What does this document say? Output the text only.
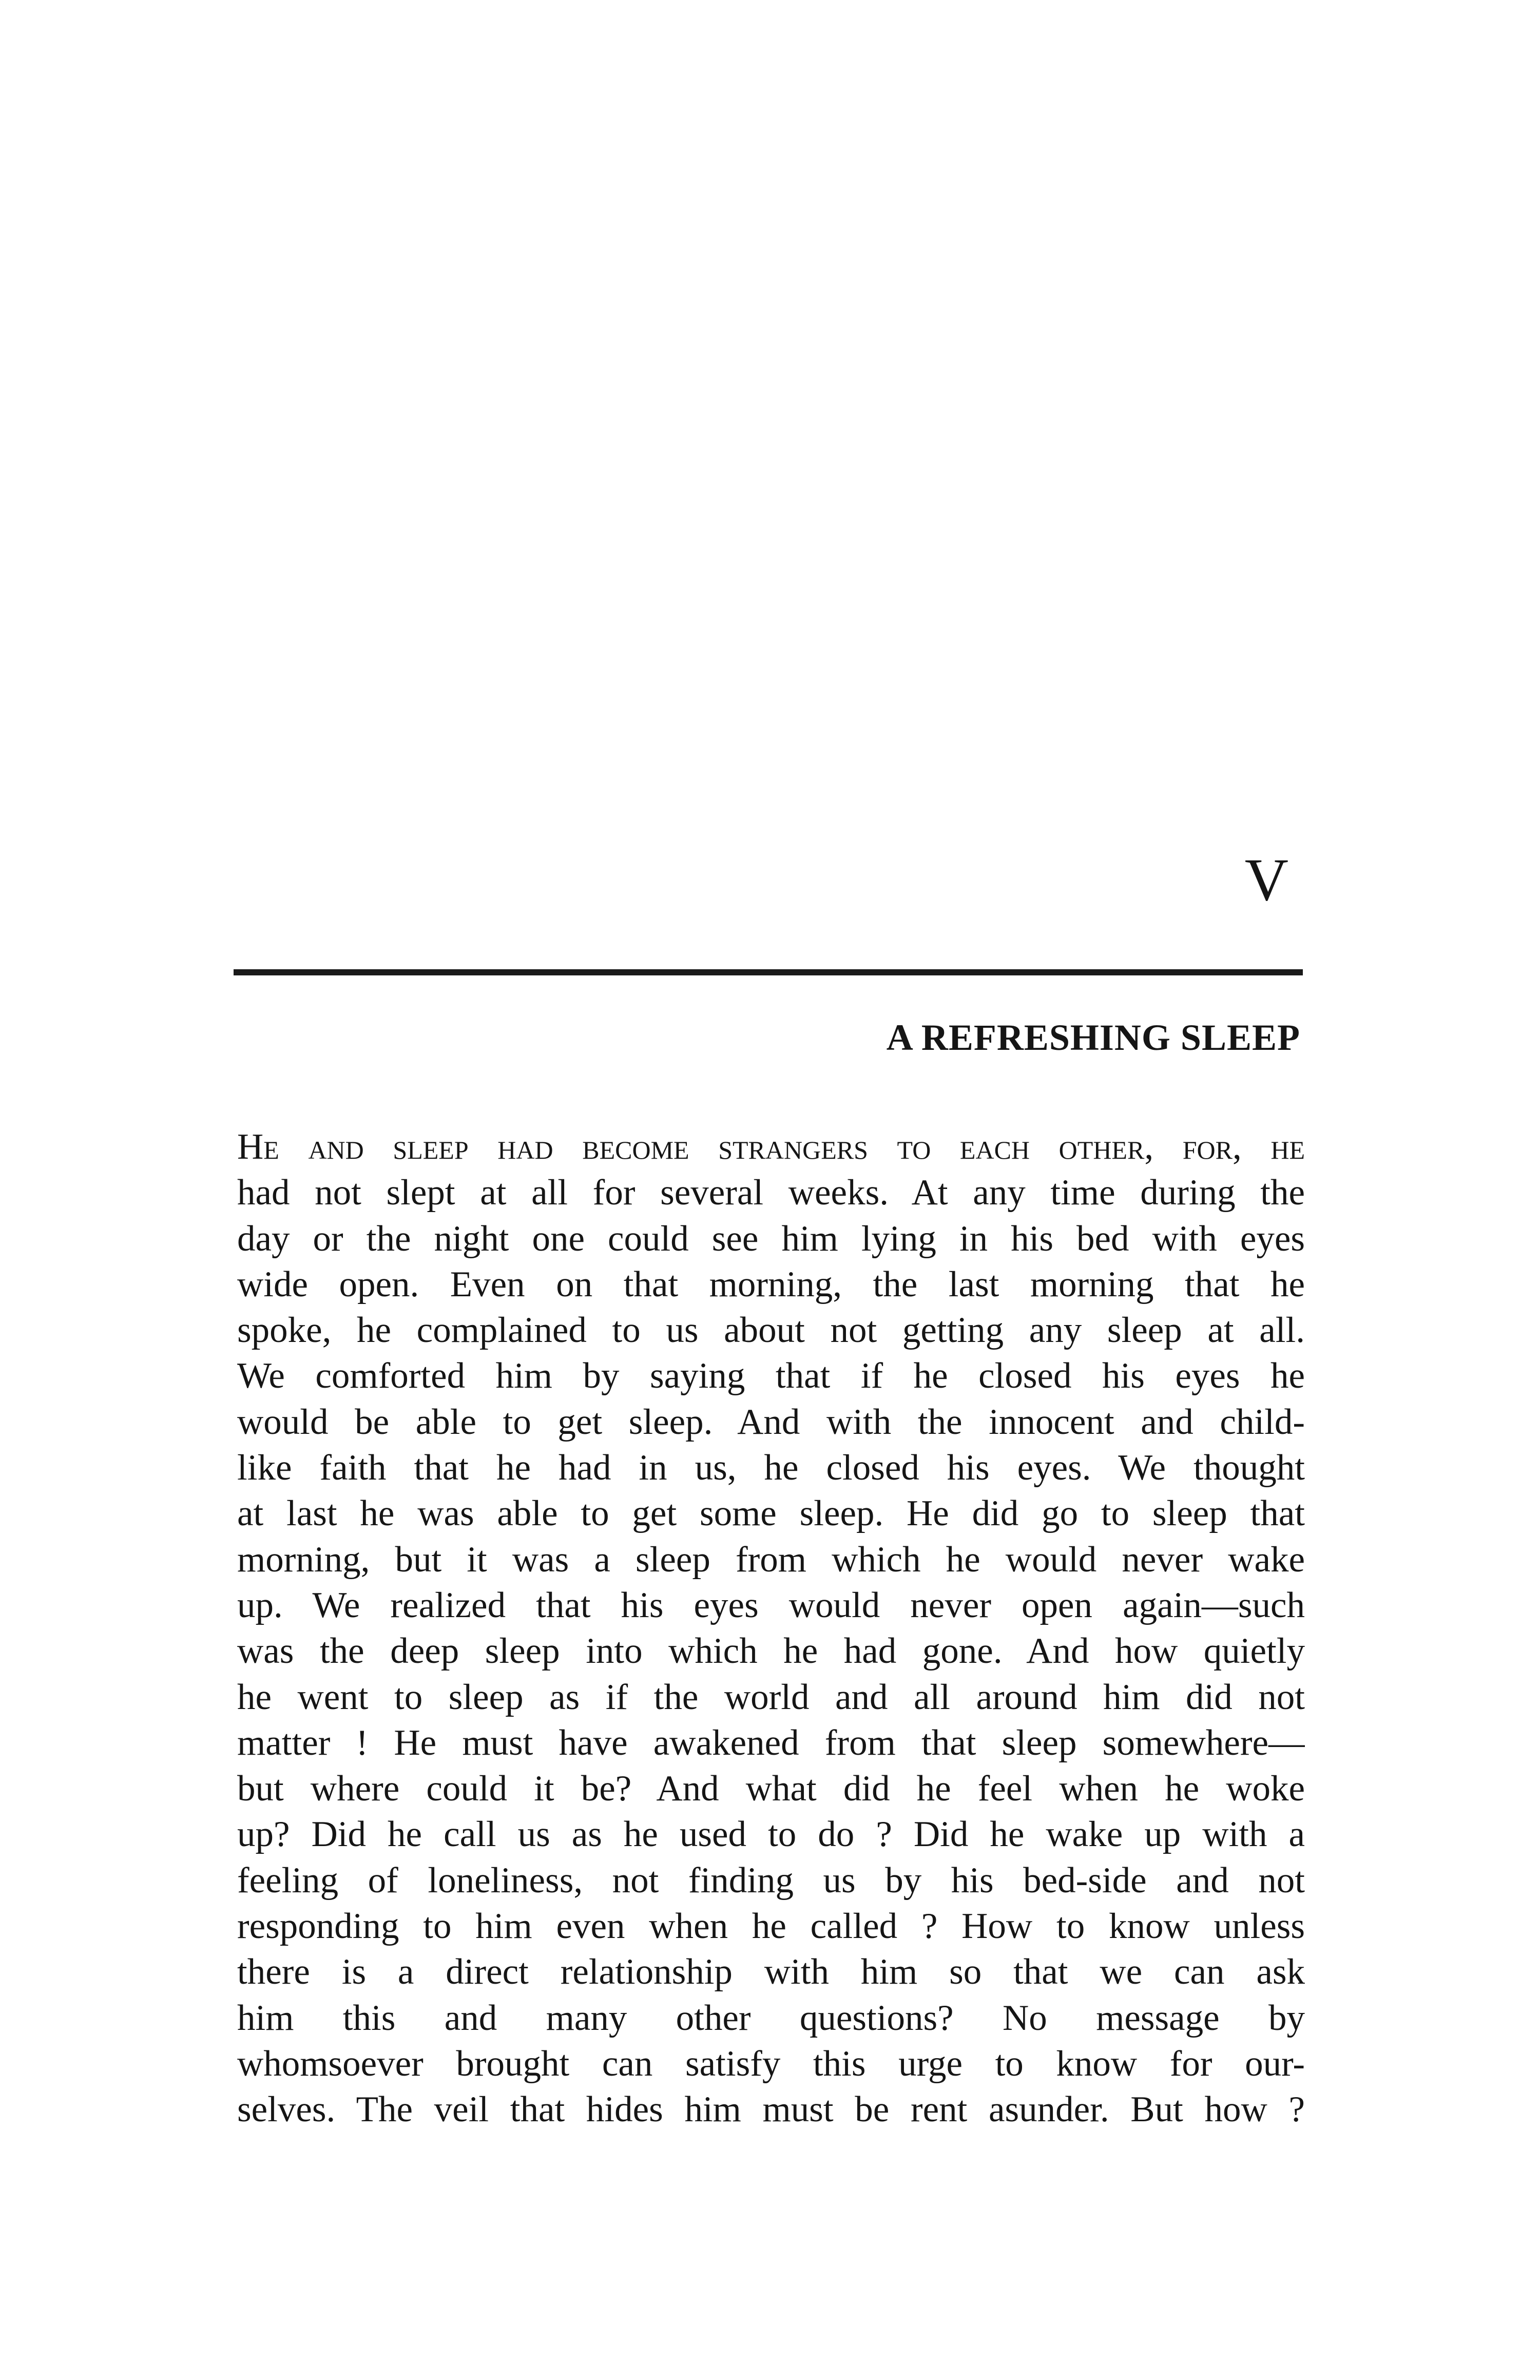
V
A REFRESHING SLEEP
He and sleep had become strangers to each other, for, he
had not slept at all for several weeks. At any time during the
day or the night one could see him lying in his bed with eyes
wide open. Even on that morning, the last morning that he
spoke, he complained to us about not getting any sleep at all.
We comforted him by saying that if he closed his eyes he
would be able to get sleep. And with the innocent and child-
like faith that he had in us, he closed his eyes. We thought
at last he was able to get some sleep. He did go to sleep that
morning, but it was a sleep from which he would never wake
up. We realized that his eyes would never open again—such
was the deep sleep into which he had gone. And how quietly
he went to sleep as if the world and all around him did not
matter ! He must have awakened from that sleep somewhere—
but where could it be? And what did he feel when he woke
up? Did he call us as he used to do ? Did he wake up with a
feeling of loneliness, not finding us by his bed-side and not
responding to him even when he called ? How to know unless
there is a direct relationship with him so that we can ask
him this and many other questions? No message by
whomsoever brought can satisfy this urge to know for our-
selves. The veil that hides him must be rent asunder. But how ?
